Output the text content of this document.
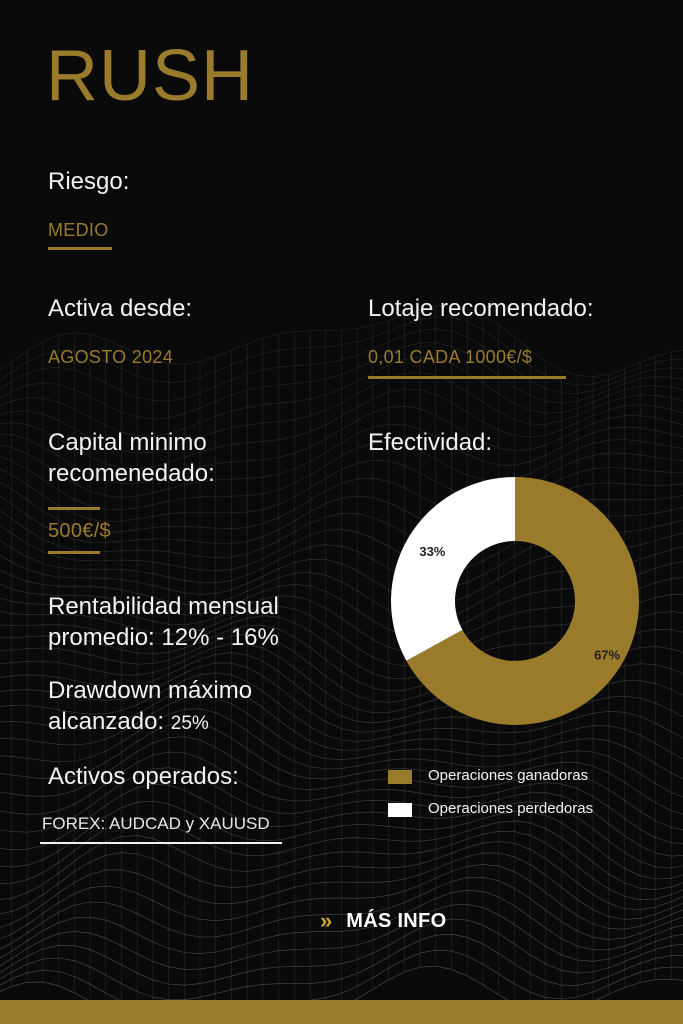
RUSH
Riesgo:
MEDIO
Activa desde:
AGOSTO 2024
Lotaje recomendado:
0,01 CADA 1000€/$
Capital minimo
recomenedado:
500€/$
Rentabilidad mensual
promedio: 12% - 16%
Drawdown máximo
alcanzado: 25%
Activos operados:
FOREX: AUDCAD y XAUUSD
Efectividad:
67%
33%
Operaciones ganadoras
Operaciones perdedoras
» MÁS INFO
